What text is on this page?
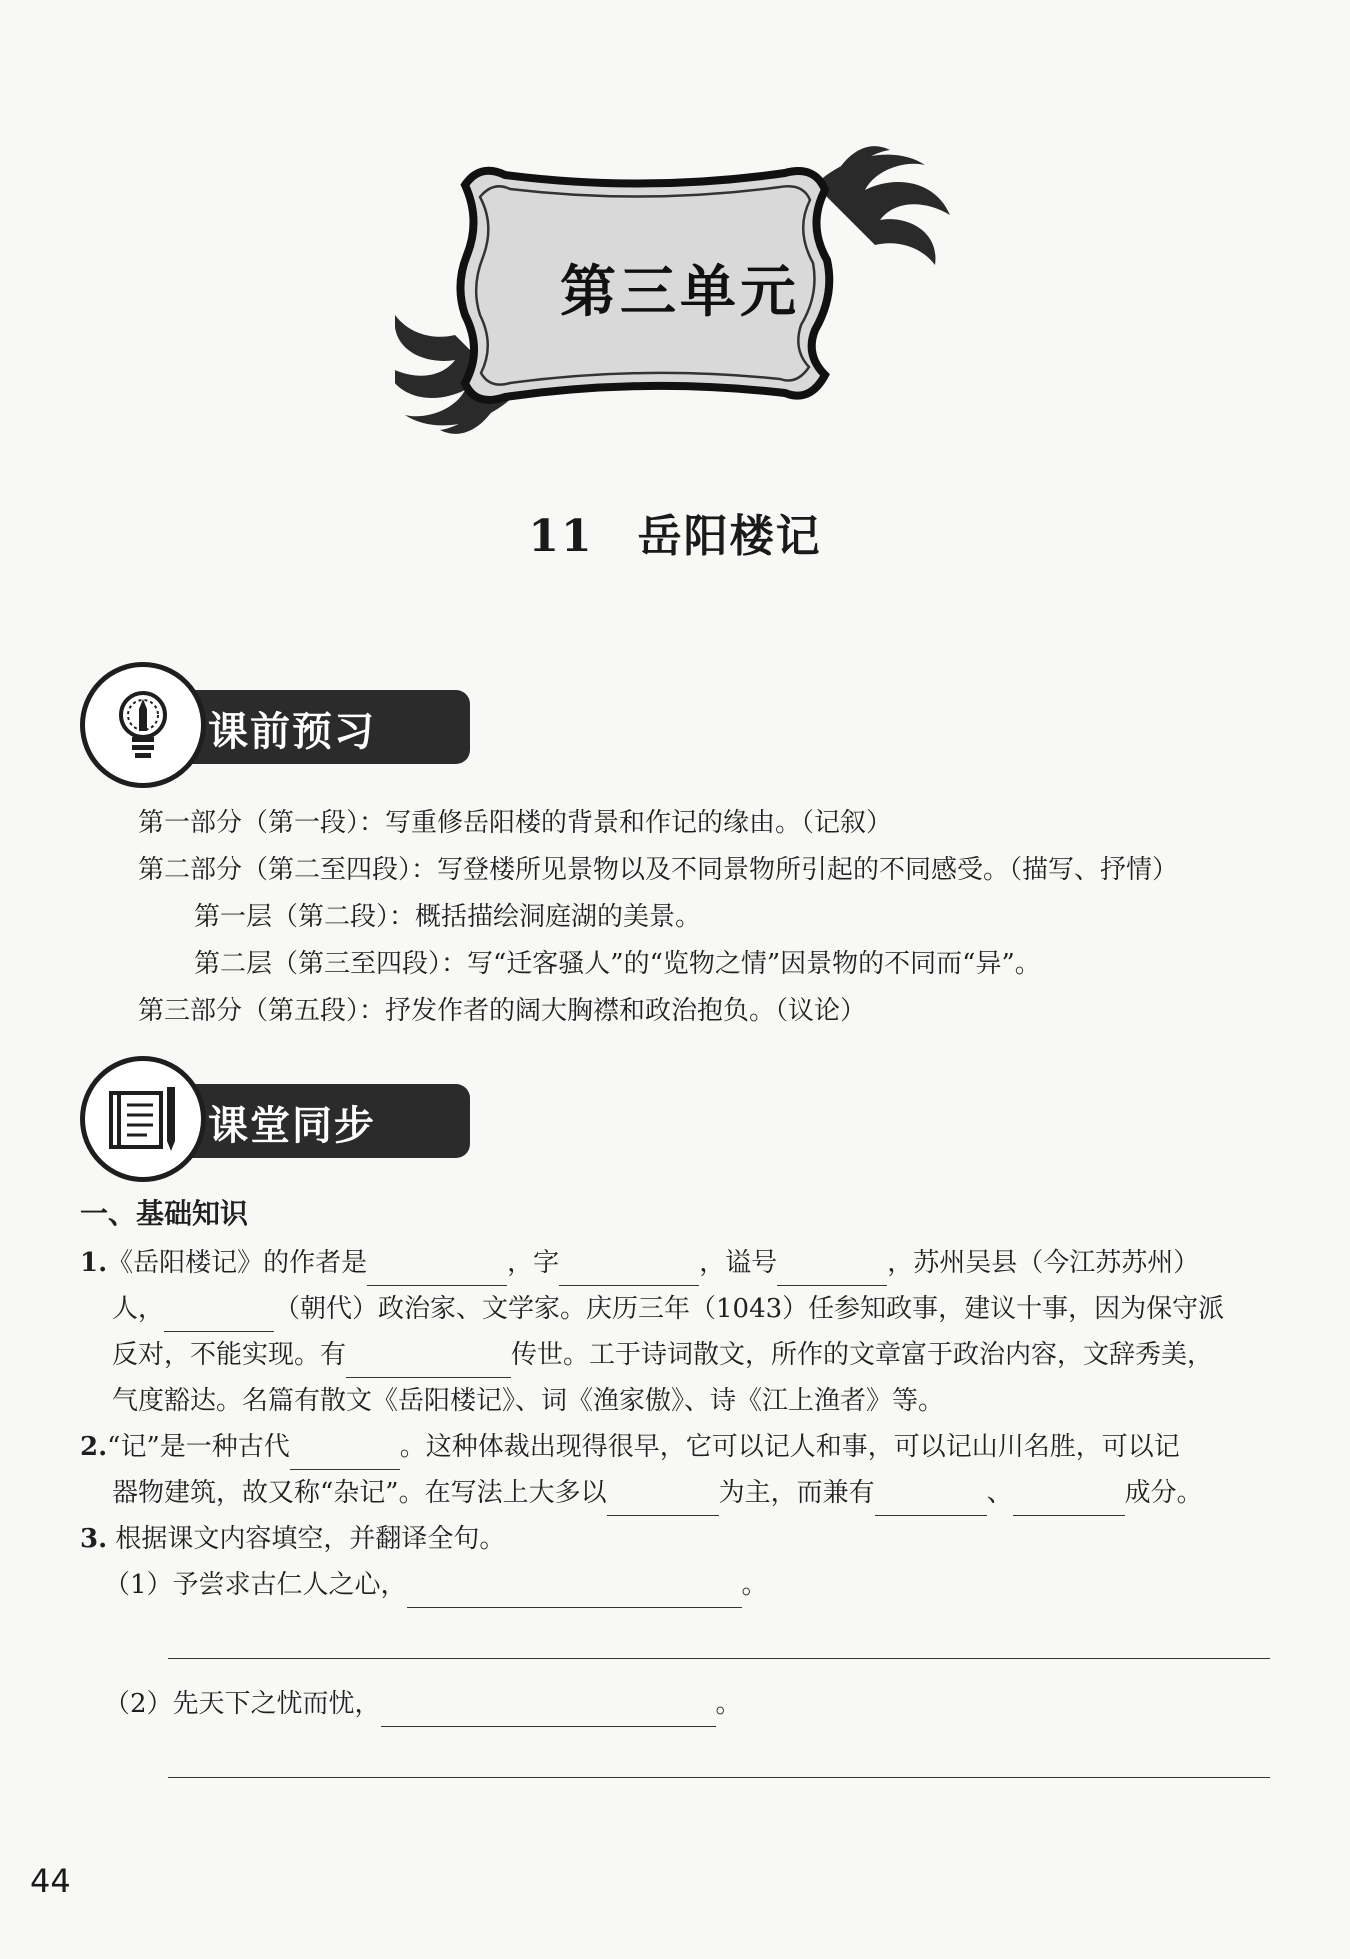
第三单元
11 岳阳楼记
课前预习
第一部分（第一段）：写重修岳阳楼的背景和作记的缘由。（记叙）
第二部分（第二至四段）：写登楼所见景物以及不同景物所引起的不同感受。（描写、抒情）
第一层（第二段）：概括描绘洞庭湖的美景。
第二层（第三至四段）：写“迁客骚人”的“览物之情”因景物的不同而“异”。
第三部分（第五段）：抒发作者的阔大胸襟和政治抱负。（议论）
课堂同步
一、基础知识
1.《岳阳楼记》的作者是	，字	，谥号	，苏州吴县（今江苏苏州）
人，	（朝代）政治家、文学家。庆历三年（1043）任参知政事，建议十事，因为保守派
反对，不能实现。有	传世。工于诗词散文，所作的文章富于政治内容，文辞秀美，
气度豁达。名篇有散文《岳阳楼记》、词《渔家傲》、诗《江上渔者》等。
2.“记”是一种古代	。这种体裁出现得很早，它可以记人和事，可以记山川名胜，可以记
器物建筑，故又称“杂记”。在写法上大多以	为主，而兼有	、	成分。
3. 根据课文内容填空，并翻译全句。
（1）予尝求古仁人之心，	。
（2）先天下之忧而忧，	。
44
